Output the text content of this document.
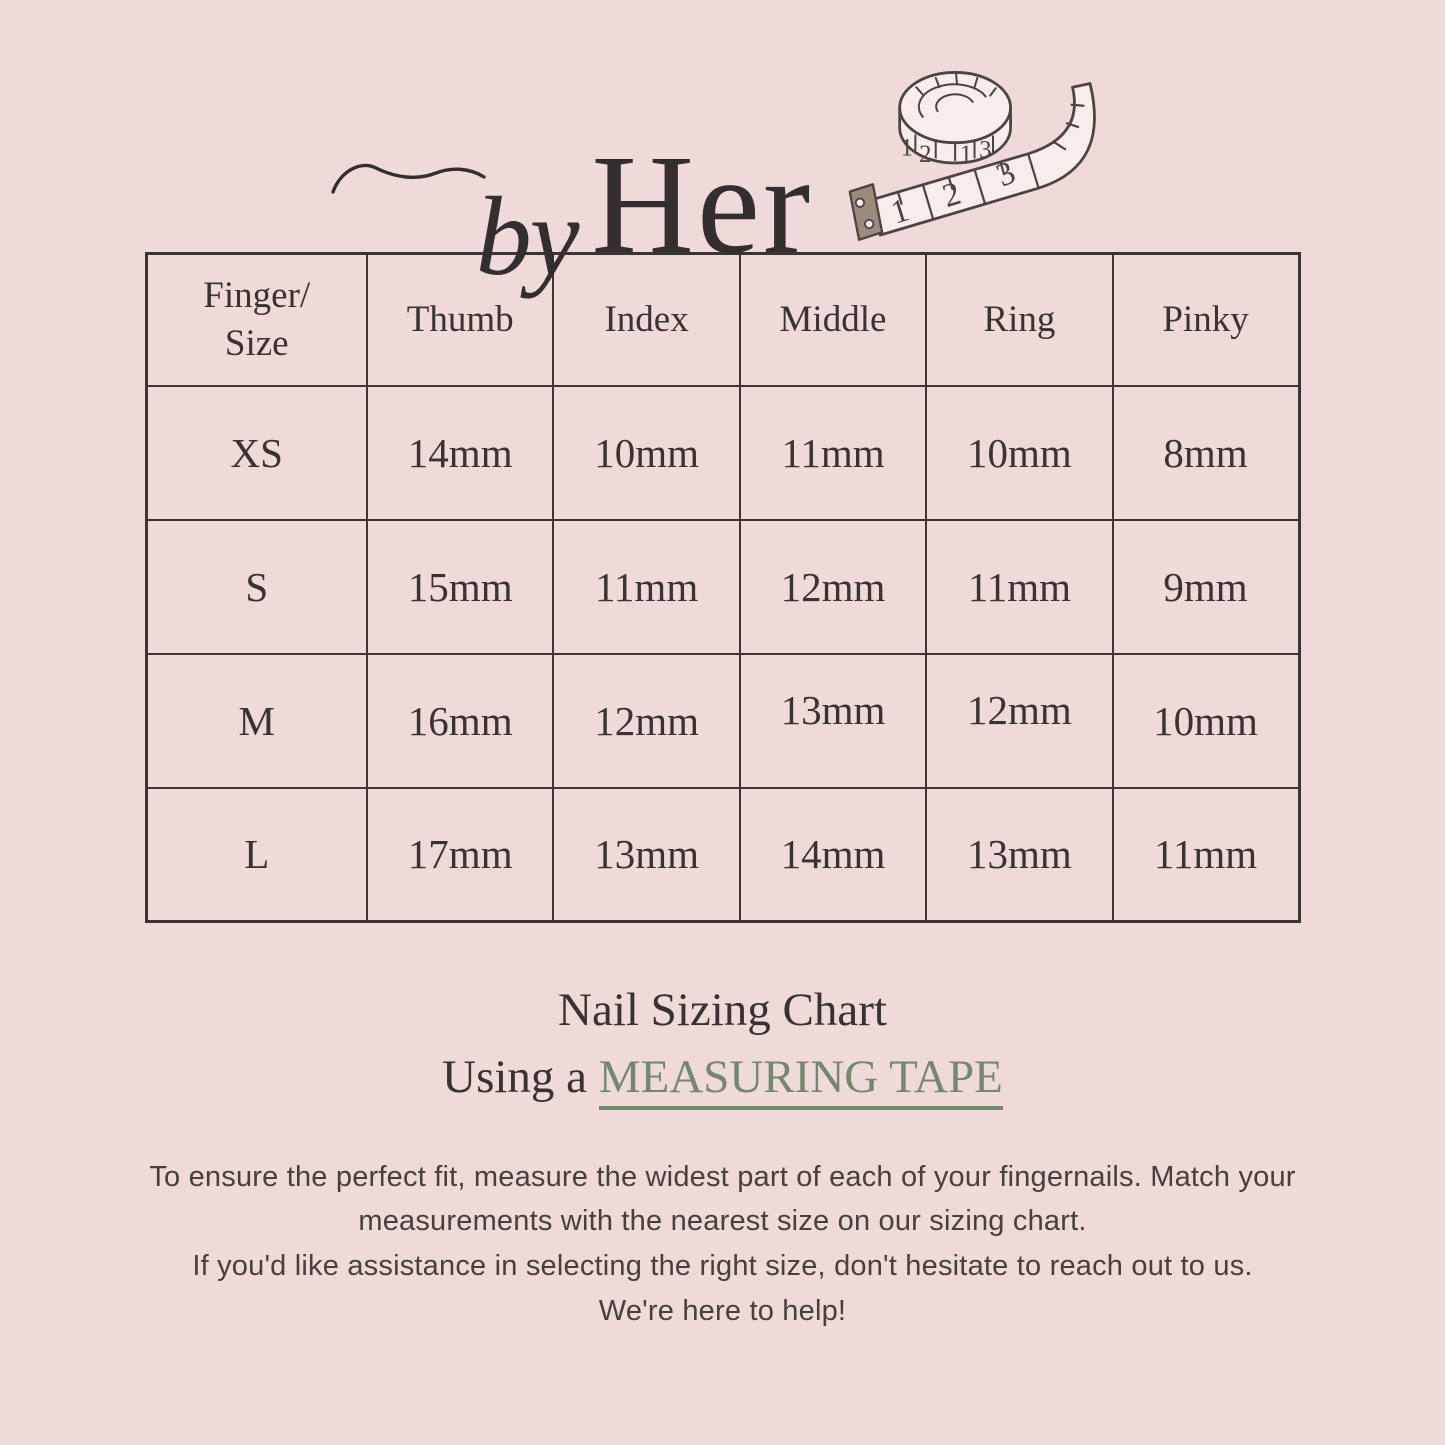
by Her 1 2
3
1 2 1 3
Finger/ Size	Thumb	Index	Middle	Ring	Pinky
XS	14mm	10mm	11mm	10mm	8mm
S	15mm	11mm	12mm	11mm	9mm
M	16mm	12mm	13mm	12mm	10mm
L	17mm	13mm	14mm	13mm	11mm
Nail Sizing Chart
Using a MEASURING TAPE

To ensure the perfect fit, measure the widest part of each of your fingernails. Match your measurements with the nearest size on our sizing chart.

If you'd like assistance in selecting the right size, don't hesitate to reach out to us.

We're here to help!
